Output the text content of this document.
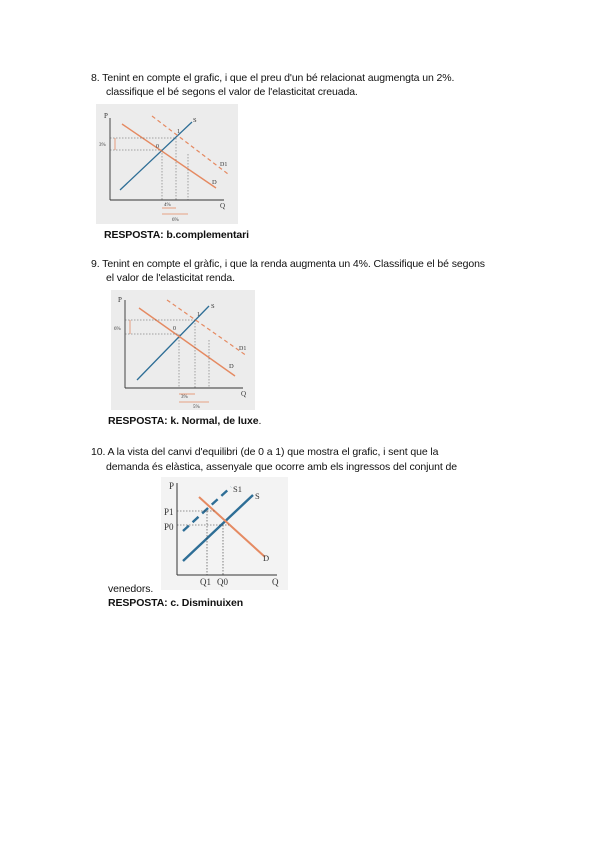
8. Tenint en compte el grafic, i que el preu d'un bé relacionat augmengta un 2%.

classifique el bé segons el valor de l'elasticitat creuada.

P
Q
S
D
D1
0
1
3%
4%
6%

RESPOSTA: b.complementari

9. Tenint en compte el gràfic, i que la renda augmenta un 4%. Classifique el bé segons

el valor de l'elasticitat renda.

P
Q
S
D
D1
0
1
6%
3%
5%

RESPOSTA: k. Normal, de luxe.

10. A la vista del canvi d'equilibri (de 0 a 1) que mostra el grafic, i sent que la

demanda és elàstica, assenyale que ocorre amb els ingressos del conjunt de

P
Q
S1
S
D
P1
P0
Q1 Q0

venedors.

RESPOSTA: c. Disminuixen
